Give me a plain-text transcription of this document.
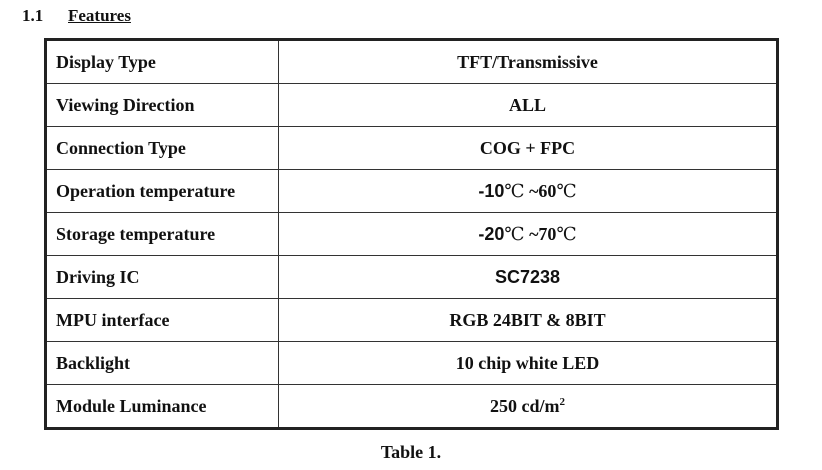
1.1 Features
Display Type	TFT/Transmissive
Viewing Direction	ALL
Connection Type	COG + FPC
Operation temperature	-10℃ ~60℃
Storage temperature	-20℃ ~70℃
Driving IC	SC7238
MPU interface	RGB 24BIT & 8BIT
Backlight	10 chip white LED
Module Luminance	250 $cd/m^2$
Table 1.
